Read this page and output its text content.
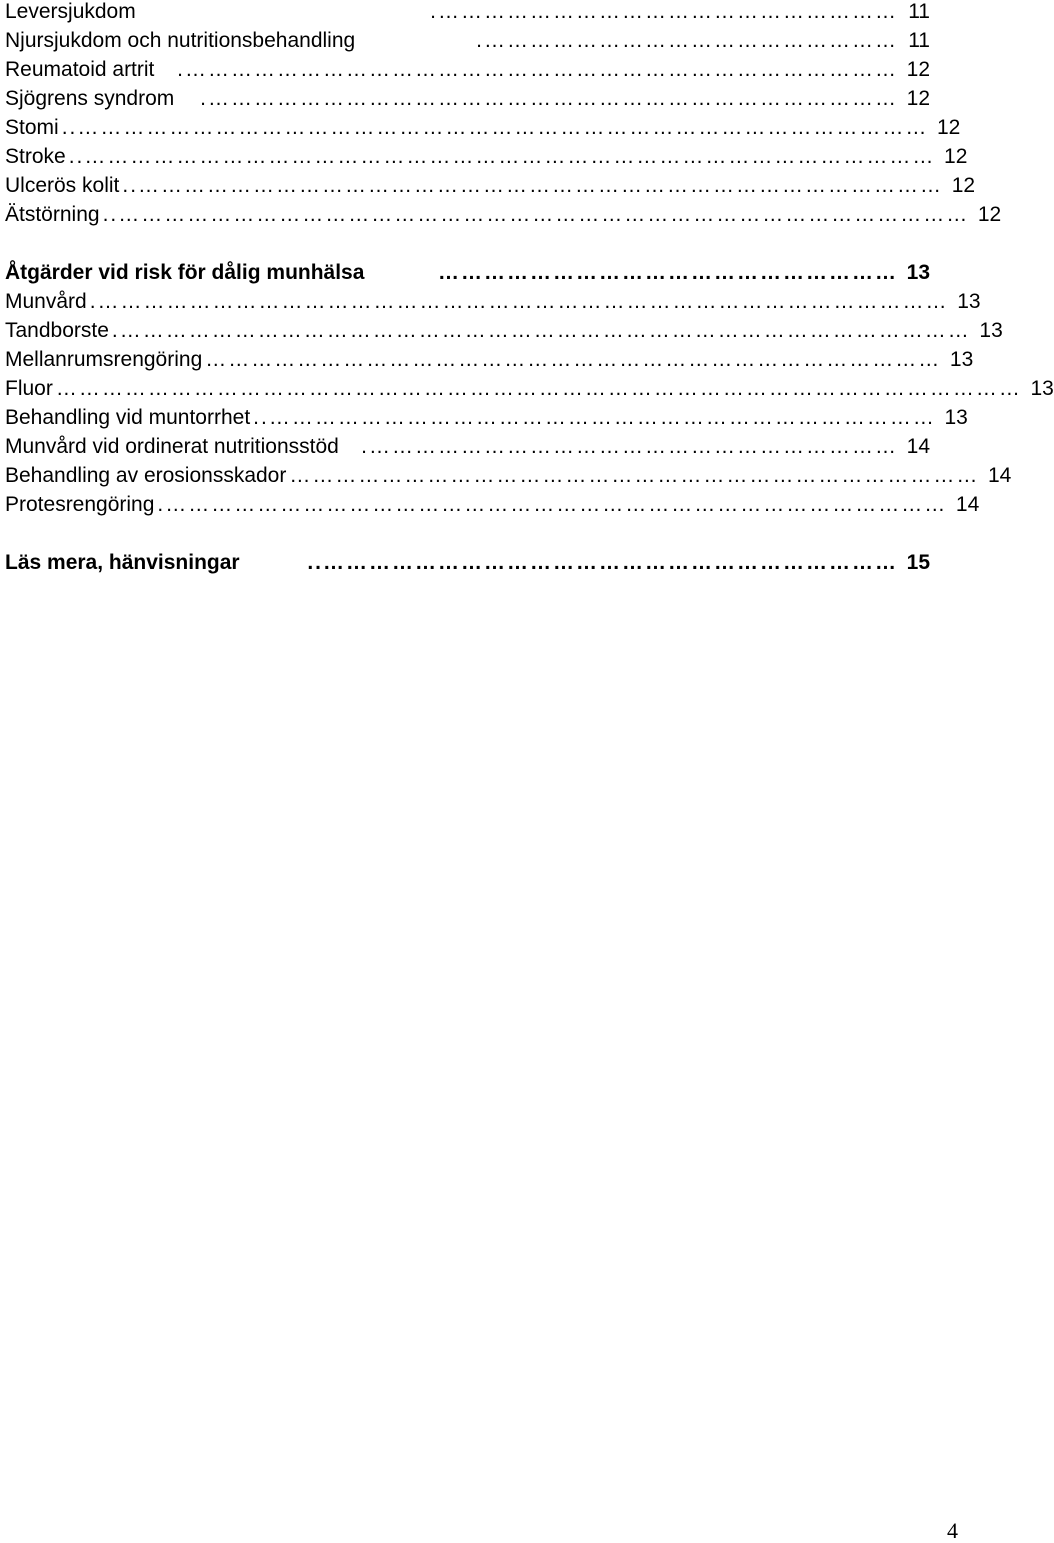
Leversjukdom	……………………………………………………. 11
Njursjukdom och nutritionsbehandling	………………………………………………. 11
Reumatoid artrit	…………………………………………………………………………………. 12
Sjögrens syndrom	………………………………………………………………………………. 12
Stomi ………………………………………………………………………………………………….. 12
Stroke ………………………………………………………………………………………………….. 12
Ulcerös kolit …………………………………………………………………………………………….. 12
Ätstörning ………………………………………………………………………………………………….. 12
Åtgärder vid risk för dålig munhälsa	…………………………………………………… 13
Munvård …………………………………………………………………………………………………. 13
Tandborste …………………………………………………………………………………………………. 13
Mellanrumsrengöring …………………………………………………………………………………… 13
Fluor ……………………………………………………………………………………………………………… 13
Behandling vid muntorrhet …………………………………………………………………………….. 13
Munvård vid ordinerat nutritionsstöd	……………………………………………………………. 14
Behandling av erosionsskador ……………………………………………………………………………… 14
Protesrengöring …………………………………………………………………………………………. 14
Läs mera, hänvisningar	………………………………………………………………….. 15
4
